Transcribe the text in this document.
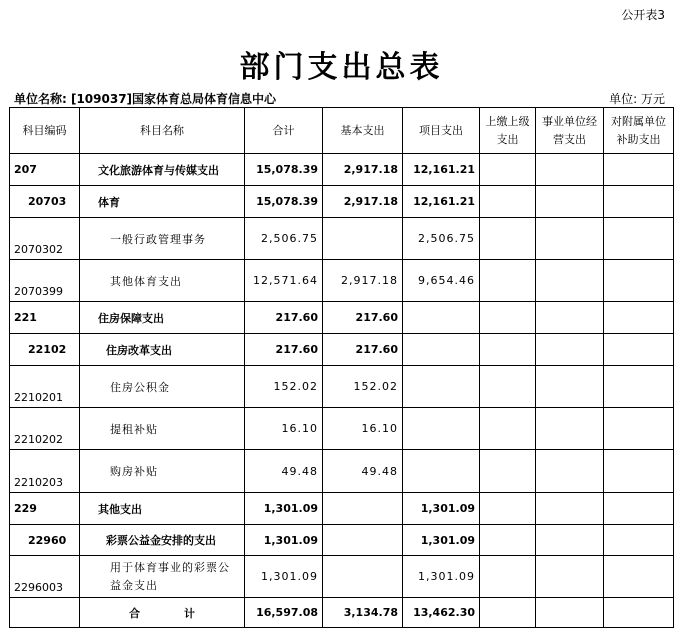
公开表3
部门支出总表
单位名称: [109037]国家体育总局体育信息中心	单位: 万元
科目编码	科目名称	合计	基本支出	项目支出	上缴上级支出	事业单位经营支出	对附属单位补助支出
207	文化旅游体育与传媒支出	15,078.39	2,917.18	12,161.21			
20703	体育	15,078.39	2,917.18	12,161.21			
2070302	一般行政管理事务	2,506.75		2,506.75			
2070399	其他体育支出	12,571.64	2,917.18	9,654.46			
221	住房保障支出	217.60	217.60				
22102	住房改革支出	217.60	217.60				
2210201	住房公积金	152.02	152.02				
2210202	提租补贴	16.10	16.10				
2210203	购房补贴	49.48	49.48				
229	其他支出	1,301.09		1,301.09			
22960	彩票公益金安排的支出	1,301.09		1,301.09			
2296003	用于体育事业的彩票公益金支出	1,301.09		1,301.09			
	合　　　　计	16,597.08	3,134.78	13,462.30			
